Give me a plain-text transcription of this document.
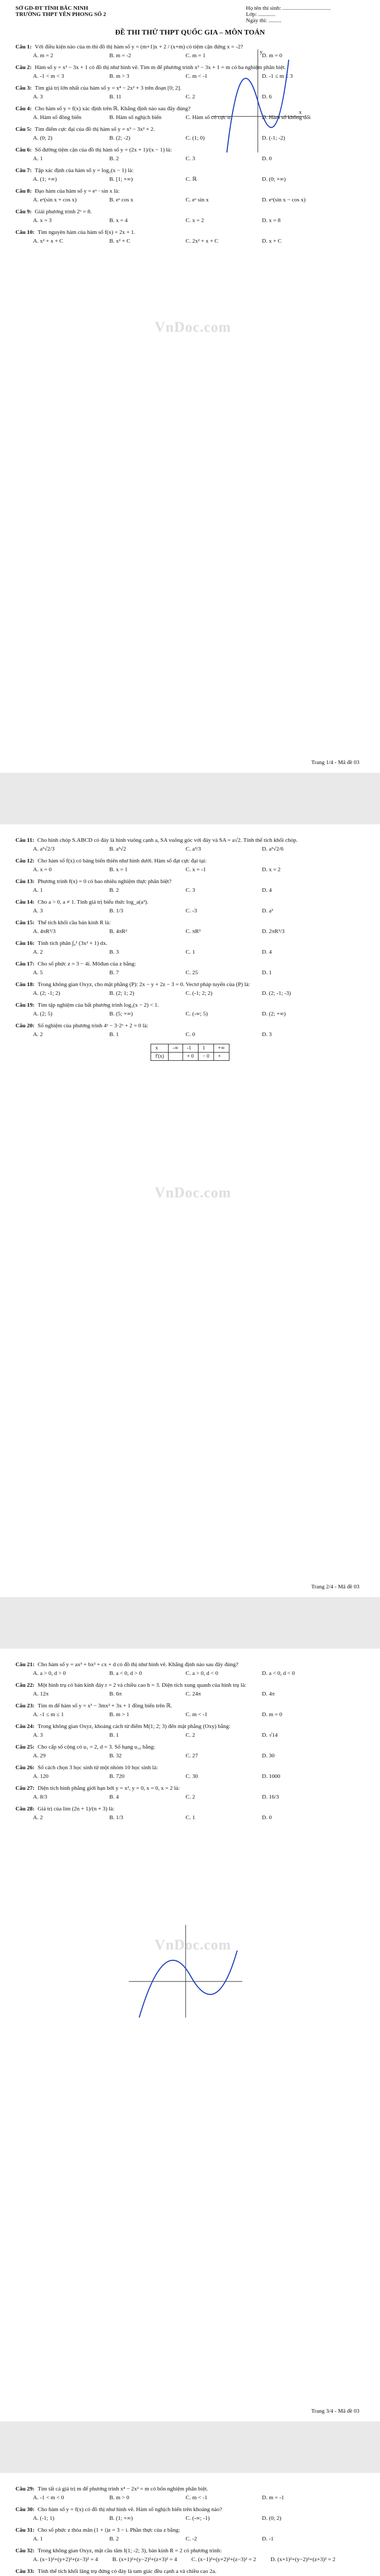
SỞ GD-ĐT TỈNH BẮC NINH
TRƯỜNG THPT YÊN PHONG SỐ 2
Họ tên thí sinh: ..................................
Lớp: ............
Ngày thi: .........
ĐỀ THI THỬ THPT QUỐC GIA – MÔN TOÁN
Câu 1: Với điều kiện nào của m thì đồ thị hàm số y = (m+1)x + 2 / (x+m) có tiệm cận đứng x = -2?
A. m = 2	B. m = -2	C. m = 1	D. m = 0
Câu 2: Hàm số y = x³ − 3x + 1 có đồ thị như hình vẽ. Tìm m để phương trình x³ − 3x + 1 = m có ba nghiệm phân biệt.
A. -1 < m < 3	B. m > 3	C. m < -1	D. -1 ≤ m ≤ 3
Câu 3: Tìm giá trị lớn nhất của hàm số y = x⁴ − 2x² + 3 trên đoạn [0; 2].
A. 3	B. 11	C. 2	D. 6
Câu 4: Cho hàm số y = f(x) xác định trên ℝ. Khẳng định nào sau đây đúng?
A. Hàm số đồng biến	B. Hàm số nghịch biến	C. Hàm số có cực trị	D. Hàm số không đổi
Câu 5: Tìm điểm cực đại của đồ thị hàm số y = x³ − 3x² + 2.
A. (0; 2)	B. (2; -2)	C. (1; 0)	D. (-1; -2)
Câu 6: Số đường tiệm cận của đồ thị hàm số y = (2x + 1)/(x − 1) là:
A. 1	B. 2	C. 3	D. 0
Câu 7: Tập xác định của hàm số y = log₂(x − 1) là:
A. (1; +∞)	B. [1; +∞)	C. ℝ	D. (0; +∞)
Câu 8: Đạo hàm của hàm số y = eˣ · sin x là:
A. eˣ(sin x + cos x)	B. eˣ cos x	C. eˣ sin x	D. eˣ(sin x − cos x)
Câu 9: Giải phương trình 2ˣ = 8.
A. x = 3	B. x = 4	C. x = 2	D. x = 8
Câu 10: Tìm nguyên hàm của hàm số f(x) = 2x + 1.
A. x² + x + C	B. x² + C	C. 2x² + x + C	D. x + C
x
y
VnDoc.com
Trang 1/4 - Mã đề 03
Câu 11: Cho hình chóp S.ABCD có đáy là hình vuông cạnh a, SA vuông góc với đáy và SA = a√2. Tính thể tích khối chóp.
A. a³√2/3	B. a³√2	C. a³/3	D. a³√2/6
Câu 12: Cho hàm số f(x) có bảng biến thiên như hình dưới. Hàm số đạt cực đại tại:
A. x = 0	B. x = 1	C. x = -1	D. x = 2
Câu 13: Phương trình f(x) = 0 có bao nhiêu nghiệm thực phân biệt?
A. 1	B. 2	C. 3	D. 4
Câu 14: Cho a > 0, a ≠ 1. Tính giá trị biểu thức log_a(a³).
A. 3	B. 1/3	C. -3	D. a³
Câu 15: Thể tích khối cầu bán kính R là:
A. 4πR³/3	B. 4πR²	C. πR³	D. 2πR³/3
Câu 16: Tính tích phân ∫₀¹ (3x² + 1) dx.
A. 2	B. 3	C. 1	D. 4
Câu 17: Cho số phức z = 3 − 4i. Môđun của z bằng:
A. 5	B. 7	C. 25	D. 1
Câu 18: Trong không gian Oxyz, cho mặt phẳng (P): 2x − y + 2z − 3 = 0. Vectơ pháp tuyến của (P) là:
A. (2; -1; 2)	B. (2; 1; 2)	C. (-1; 2; 2)	D. (2; -1; -3)
Câu 19: Tìm tập nghiệm của bất phương trình log₃(x − 2) < 1.
A. (2; 5)	B. (5; +∞)	C. (-∞; 5)	D. (2; +∞)
Câu 20: Số nghiệm của phương trình 4ˣ − 3·2ˣ + 2 = 0 là:
A. 2	B. 1	C. 0	D. 3
x	-∞	-1	1	+∞
f'(x)		+ 0	− 0	+
VnDoc.com
Trang 2/4 - Mã đề 03
Câu 21: Cho hàm số y = ax³ + bx² + cx + d có đồ thị như hình vẽ. Khẳng định nào sau đây đúng?
A. a > 0, d > 0	B. a < 0, d > 0	C. a > 0, d < 0	D. a < 0, d < 0
Câu 22: Một hình trụ có bán kính đáy r = 2 và chiều cao h = 3. Diện tích xung quanh của hình trụ là:
A. 12π	B. 6π	C. 24π	D. 4π
Câu 23: Tìm m để hàm số y = x³ − 3mx² + 3x + 1 đồng biến trên ℝ.
A. -1 ≤ m ≤ 1	B. m > 1	C. m < -1	D. m = 0
Câu 24: Trong không gian Oxyz, khoảng cách từ điểm M(1; 2; 3) đến mặt phẳng (Oxy) bằng:
A. 3	B. 1	C. 2	D. √14
Câu 25: Cho cấp số cộng có u₁ = 2, d = 3. Số hạng u₁₀ bằng:
A. 29	B. 32	C. 27	D. 30
Câu 26: Số cách chọn 3 học sinh từ một nhóm 10 học sinh là:
A. 120	B. 720	C. 30	D. 1000
Câu 27: Diện tích hình phẳng giới hạn bởi y = x², y = 0, x = 0, x = 2 là:
A. 8/3	B. 4	C. 2	D. 16/3
Câu 28: Giá trị của lim (2n + 1)/(n + 3) là:
A. 2	B. 1/3	C. 1	D. 0
VnDoc.com
Trang 3/4 - Mã đề 03
Câu 29: Tìm tất cả giá trị m để phương trình x⁴ − 2x² = m có bốn nghiệm phân biệt.
A. -1 < m < 0	B. m > 0	C. m < -1	D. m = -1
Câu 30: Cho hàm số y = f(x) có đồ thị như hình vẽ. Hàm số nghịch biến trên khoảng nào?
A. (-1; 1)	B. (1; +∞)	C. (-∞; -1)	D. (0; 2)
Câu 31: Cho số phức z thỏa mãn (1 + i)z = 3 − i. Phần thực của z bằng:
A. 1	B. 2	C. -2	D. -1
Câu 32: Trong không gian Oxyz, mặt cầu tâm I(1; -2; 3), bán kính R = 2 có phương trình:
A. (x−1)²+(y+2)²+(z−3)² = 4	B. (x+1)²+(y−2)²+(z+3)² = 4	C. (x−1)²+(y+2)²+(z−3)² = 2	D. (x+1)²+(y−2)²+(z+3)² = 2
Câu 33: Tính thể tích khối lăng trụ đứng có đáy là tam giác đều cạnh a và chiều cao 2a.
